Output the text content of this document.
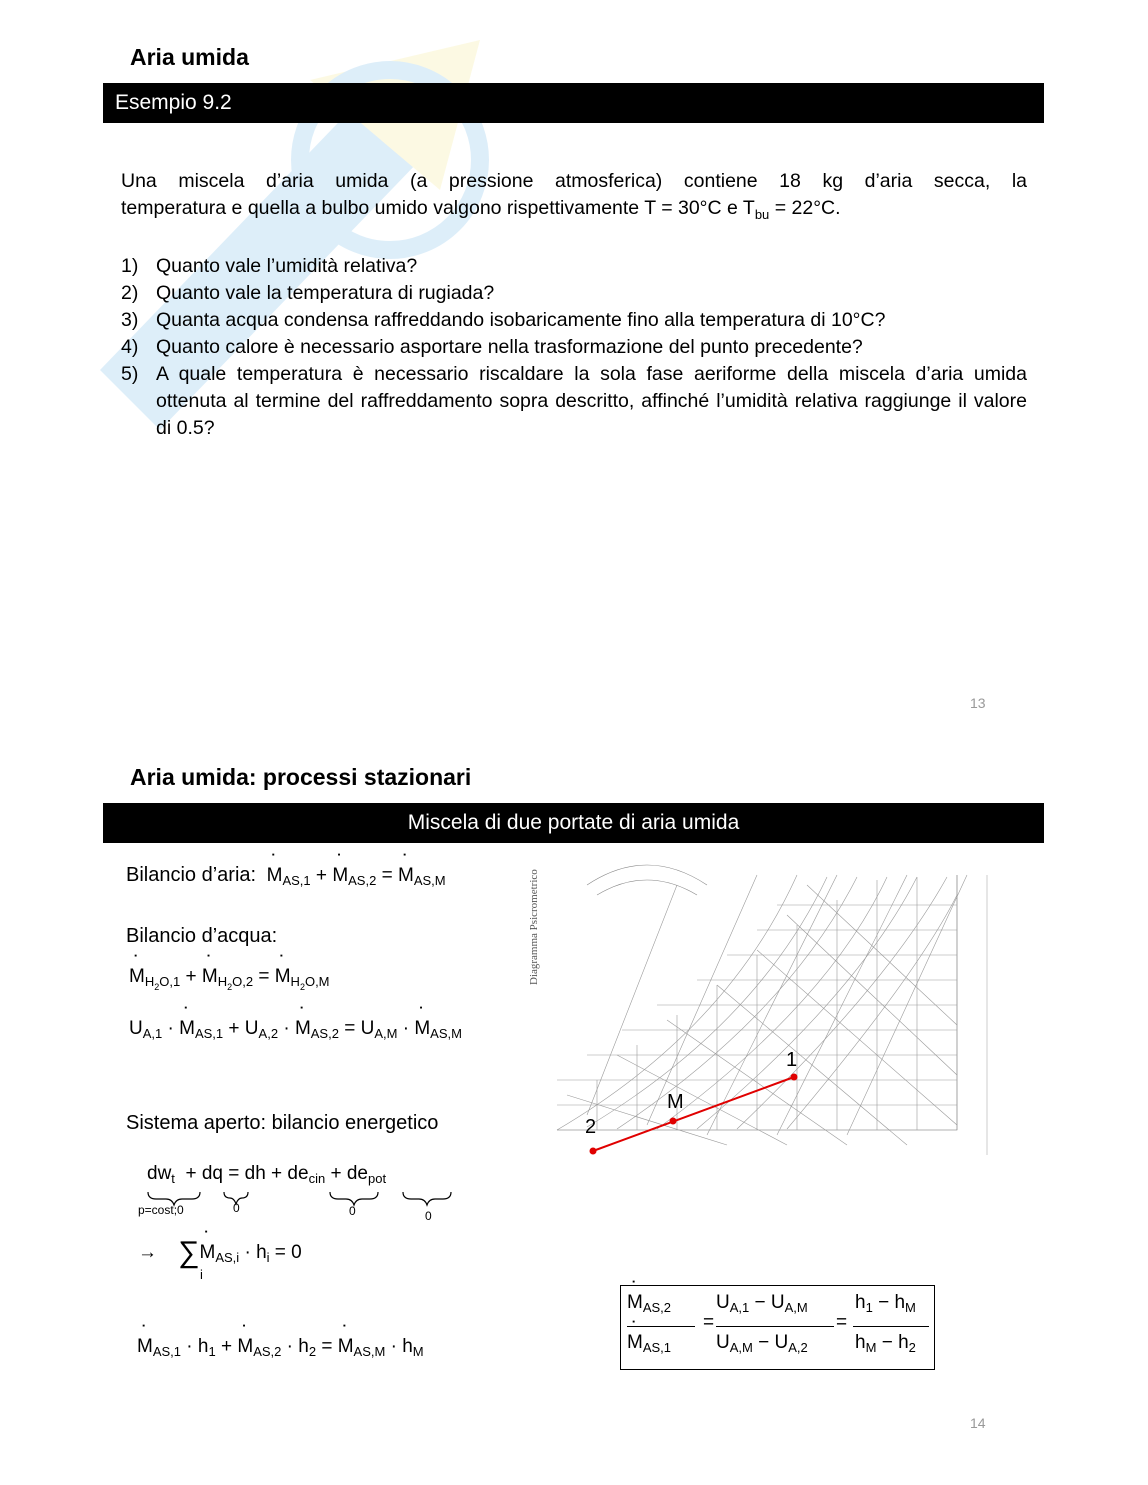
Aria umida
Esempio 9.2
Una miscela d’aria umida (a pressione atmosferica) contiene 18 kg d’aria secca, la
temperatura e quella a bulbo umido valgono rispettivamente T = 30°C e $T_{bu} = 22^\circ C$.
1) Quanto vale l’umidità relativa?
2) Quanto vale la temperatura di rugiada?
3) Quanta acqua condensa raffreddando isobaricamente fino alla temperatura di 10°C?
4) Quanto calore è necessario asportare nella trasformazione del punto precedente?
5) A quale temperatura è necessario riscaldare la sola fase aeriforme della miscela d’aria umida ottenuta al termine del raffreddamento sopra descritto, affinché l’umidità relativa raggiunge il valore di 0.5?
13
Aria umida: processi stazionari
Miscela di due portate di aria umida
Bilancio d’aria:  ˙ $M_{AS,1}$ + ˙ $M_{AS,2}$ = ˙ $M_{AS,M}$
Bilancio d’acqua:
˙ $M_{H_2O,1}$ + ˙ $M_{H_2O,2}$ = ˙ $M_{H_2O,M}$
$U_{A,1}$ · ˙ $M_{AS,1} + U_{A,2}$ · ˙ $M_{AS,2} = U_{A,M}$ · ˙ $M_{AS,M}$
Sistema aperto: bilancio energetico
$dw_t$  + dq = dh + $de_{cin} + de_{pot}$
p=cost;0	0	0	0
→    ∑˙ $M_{AS,i} \cdot h_i = 0$
i
˙ $M_{AS,1} \cdot h_1$ + ˙ $M_{AS,2} \cdot h_2$ = ˙ $M_{AS,M} \cdot h_M$
˙ $M_{AS,2}$
˙ $M_{AS,1}$
=
$U_{A,1} - U_{A,M}$
$U_{A,M} - U_{A,2}$
=
$h_1 - h_M$
$h_M - h_2$
Diagramma Psicrometrico
1
M
2
14
